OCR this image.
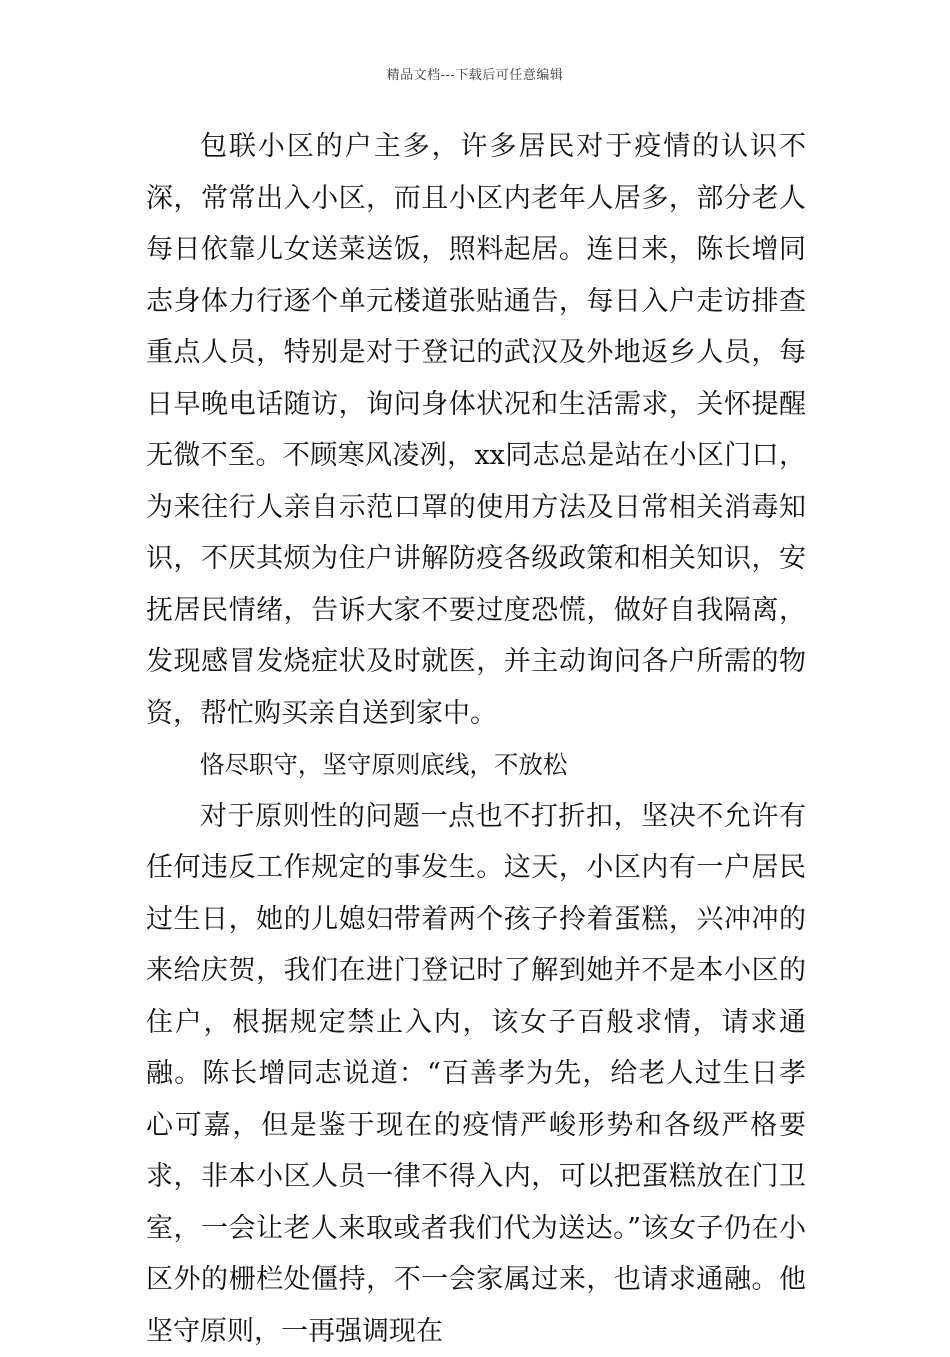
精品文档---下载后可任意编辑

包联小区的户主多，许多居民对于疫情的认识不深，常常出入小区，而且小区内老年人居多，部分老人每日依靠儿女送菜送饭，照料起居。连日来，陈长增同志身体力行逐个单元楼道张贴通告，每日入户走访排查重点人员，特别是对于登记的武汉及外地返乡人员，每日早晚电话随访，询问身体状况和生活需求，关怀提醒无微不至。不顾寒风凌冽，xx同志总是站在小区门口，为来往行人亲自示范口罩的使用方法及日常相关消毒知识，不厌其烦为住户讲解防疫各级政策和相关知识，安抚居民情绪，告诉大家不要过度恐慌，做好自我隔离，发现感冒发烧症状及时就医，并主动询问各户所需的物资，帮忙购买亲自送到家中。

恪尽职守，坚守原则底线，不放松

对于原则性的问题一点也不打折扣，坚决不允许有任何违反工作规定的事发生。这天，小区内有一户居民过生日，她的儿媳妇带着两个孩子拎着蛋糕，兴冲冲的来给庆贺，我们在进门登记时了解到她并不是本小区的住户，根据规定禁止入内，该女子百般求情，请求通融。陈长增同志说道：“百善孝为先，给老人过生日孝心可嘉，但是鉴于现在的疫情严峻形势和各级严格要求，非本小区人员一律不得入内，可以把蛋糕放在门卫室，一会让老人来取或者我们代为送达。”该女子仍在小区外的栅栏处僵持，不一会家属过来，也请求通融。他坚守原则，一再强调现在
